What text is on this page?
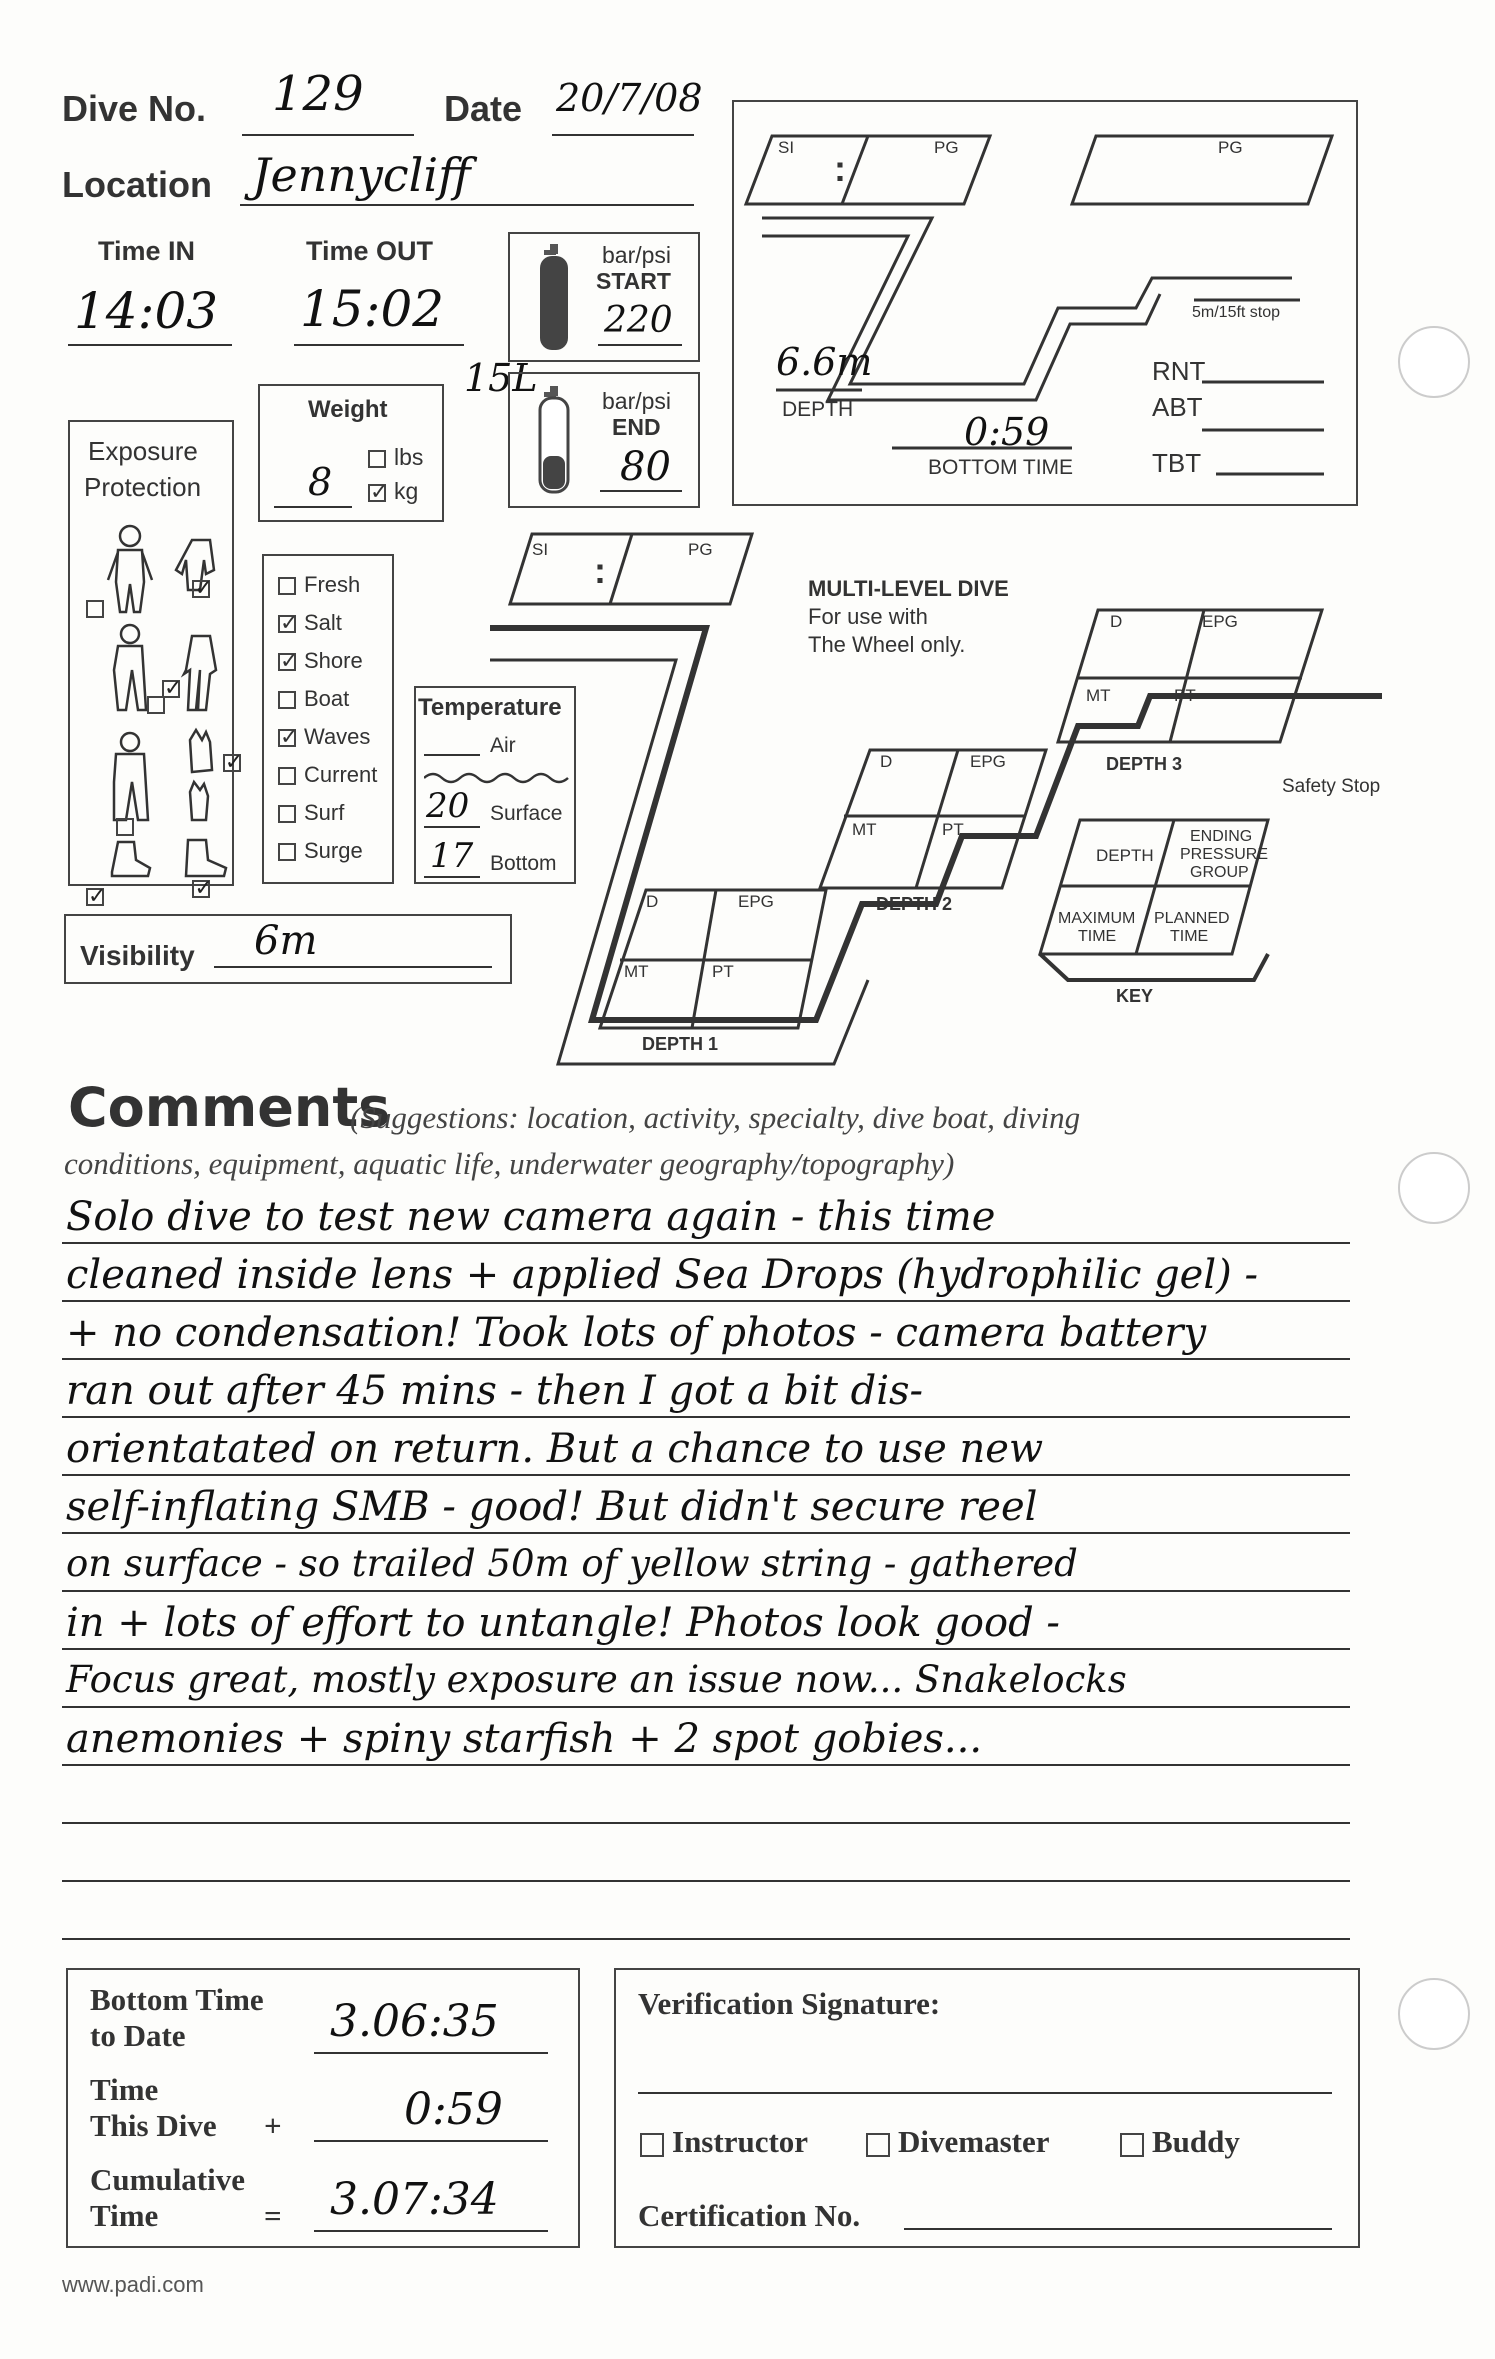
Dive No. 129 Date 20/7/08
Location Jennycliff
Time IN
14:03
Time OUT
15:02
bar/psi
START
220
15L
bar/psi
END
80
Weight
8
lbs
✓ kg
Exposure
Protection
✓  ✓  ✓ ✓	✓
Fresh
✓ Salt
✓ Shore
Boat
✓ Waves
Current
Surf
Surge
Temperature
Air
20 Surface
17 Bottom
Visibility 6m
SI
:
PG	PG
5m/15ft stop
6.6m
DEPTH
0:59
BOTTOM TIME
RNT
ABT
TBT
SI
:
PG
MULTI-LEVEL DIVE
For use with
The Wheel only.
D	EPG
MT	PT
DEPTH 1
D	EPG
MT	PT
DEPTH 2
D	EPG
MT	PT
DEPTH 3
Safety Stop
DEPTH
ENDING
PRESSURE
GROUP
MAXIMUM
TIME
PLANNED
TIME
KEY
Comments
(Suggestions: location, activity, specialty, dive boat, diving
conditions, equipment, aquatic life, underwater geography/topography)
Solo dive to test new camera again - this time
cleaned inside lens + applied Sea Drops (hydrophilic gel) -
+ no condensation! Took lots of photos - camera battery
ran out after 45 mins - then I got a bit dis-
orientatated on return. But a chance to use new
self-inflating SMB - good! But didn't secure reel
on surface - so trailed 50m of yellow string - gathered
in + lots of effort to untangle! Photos look good -
Focus great, mostly exposure an issue now... Snakelocks
anemonies + spiny starfish + 2 spot gobies...
Bottom Time
to Date	3.06:35
Time
This Dive +	0:59
Cumulative
Time	= 3.07:34
Verification Signature:
Instructor	Divemaster	Buddy
Certification No.
www.padi.com
